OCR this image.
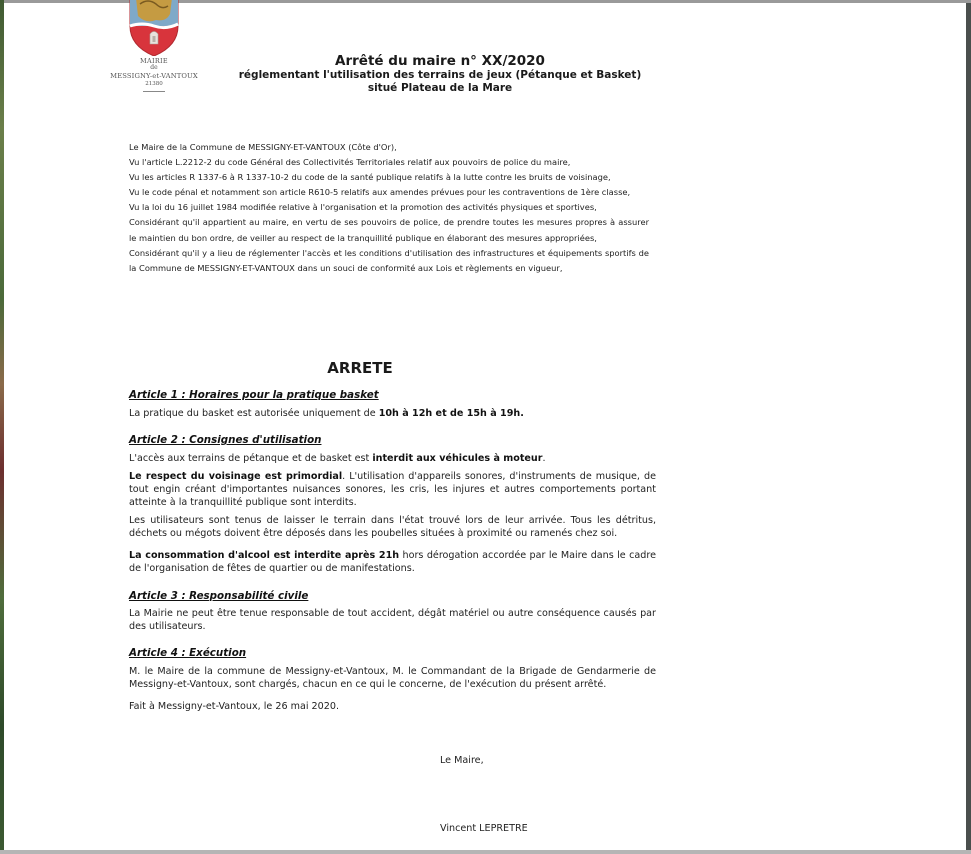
MAIRIE
de
MESSIGNY-et-VANTOUX
21380
Arrêté du maire n° XX/2020
réglementant l'utilisation des terrains de jeux (Pétanque et Basket)
situé Plateau de la Mare

Le Maire de la Commune de MESSIGNY-ET-VANTOUX (Côte d'Or),

Vu l'article L.2212-2 du code Général des Collectivités Territoriales relatif aux pouvoirs de police du maire,

Vu les articles R 1337-6 à R 1337-10-2 du code de la santé publique relatifs à la lutte contre les bruits de voisinage,

Vu le code pénal et notamment son article R610-5 relatifs aux amendes prévues pour les contraventions de 1ère classe,

Vu la loi du 16 juillet 1984 modifiée relative à l'organisation et la promotion des activités physiques et sportives,

Considérant qu'il appartient au maire, en vertu de ses pouvoirs de police, de prendre toutes les mesures propres à assurer le maintien du bon ordre, de veiller au respect de la tranquillité publique en élaborant des mesures appropriées,

Considérant qu'il y a lieu de réglementer l'accès et les conditions d'utilisation des infrastructures et équipements sportifs de la Commune de MESSIGNY-ET-VANTOUX dans un souci de conformité aux Lois et règlements en vigueur,

ARRETE
Article 1 : Horaires pour la pratique basket

La pratique du basket est autorisée uniquement de 10h à 12h et de 15h à 19h.

Article 2 : Consignes d'utilisation

L'accès aux terrains de pétanque et de basket est interdit aux véhicules à moteur.

Le respect du voisinage est primordial. L'utilisation d'appareils sonores, d'instruments de musique, de tout engin créant d'importantes nuisances sonores, les cris, les injures et autres comportements portant atteinte à la tranquillité publique sont interdits.

Les utilisateurs sont tenus de laisser le terrain dans l'état trouvé lors de leur arrivée. Tous les détritus, déchets ou mégots doivent être déposés dans les poubelles situées à proximité ou ramenés chez soi.

La consommation d'alcool est interdite après 21h hors dérogation accordée par le Maire dans le cadre de l'organisation de fêtes de quartier ou de manifestations.

Article 3 : Responsabilité civile

La Mairie ne peut être tenue responsable de tout accident, dégât matériel ou autre conséquence causés par des utilisateurs.

Article 4 : Exécution

M. le Maire de la commune de Messigny-et-Vantoux, M. le Commandant de la Brigade de Gendarmerie de Messigny-et-Vantoux, sont chargés, chacun en ce qui le concerne, de l'exécution du présent arrêté.

Fait à Messigny-et-Vantoux, le 26 mai 2020.

Le Maire,
Vincent LEPRETRE
